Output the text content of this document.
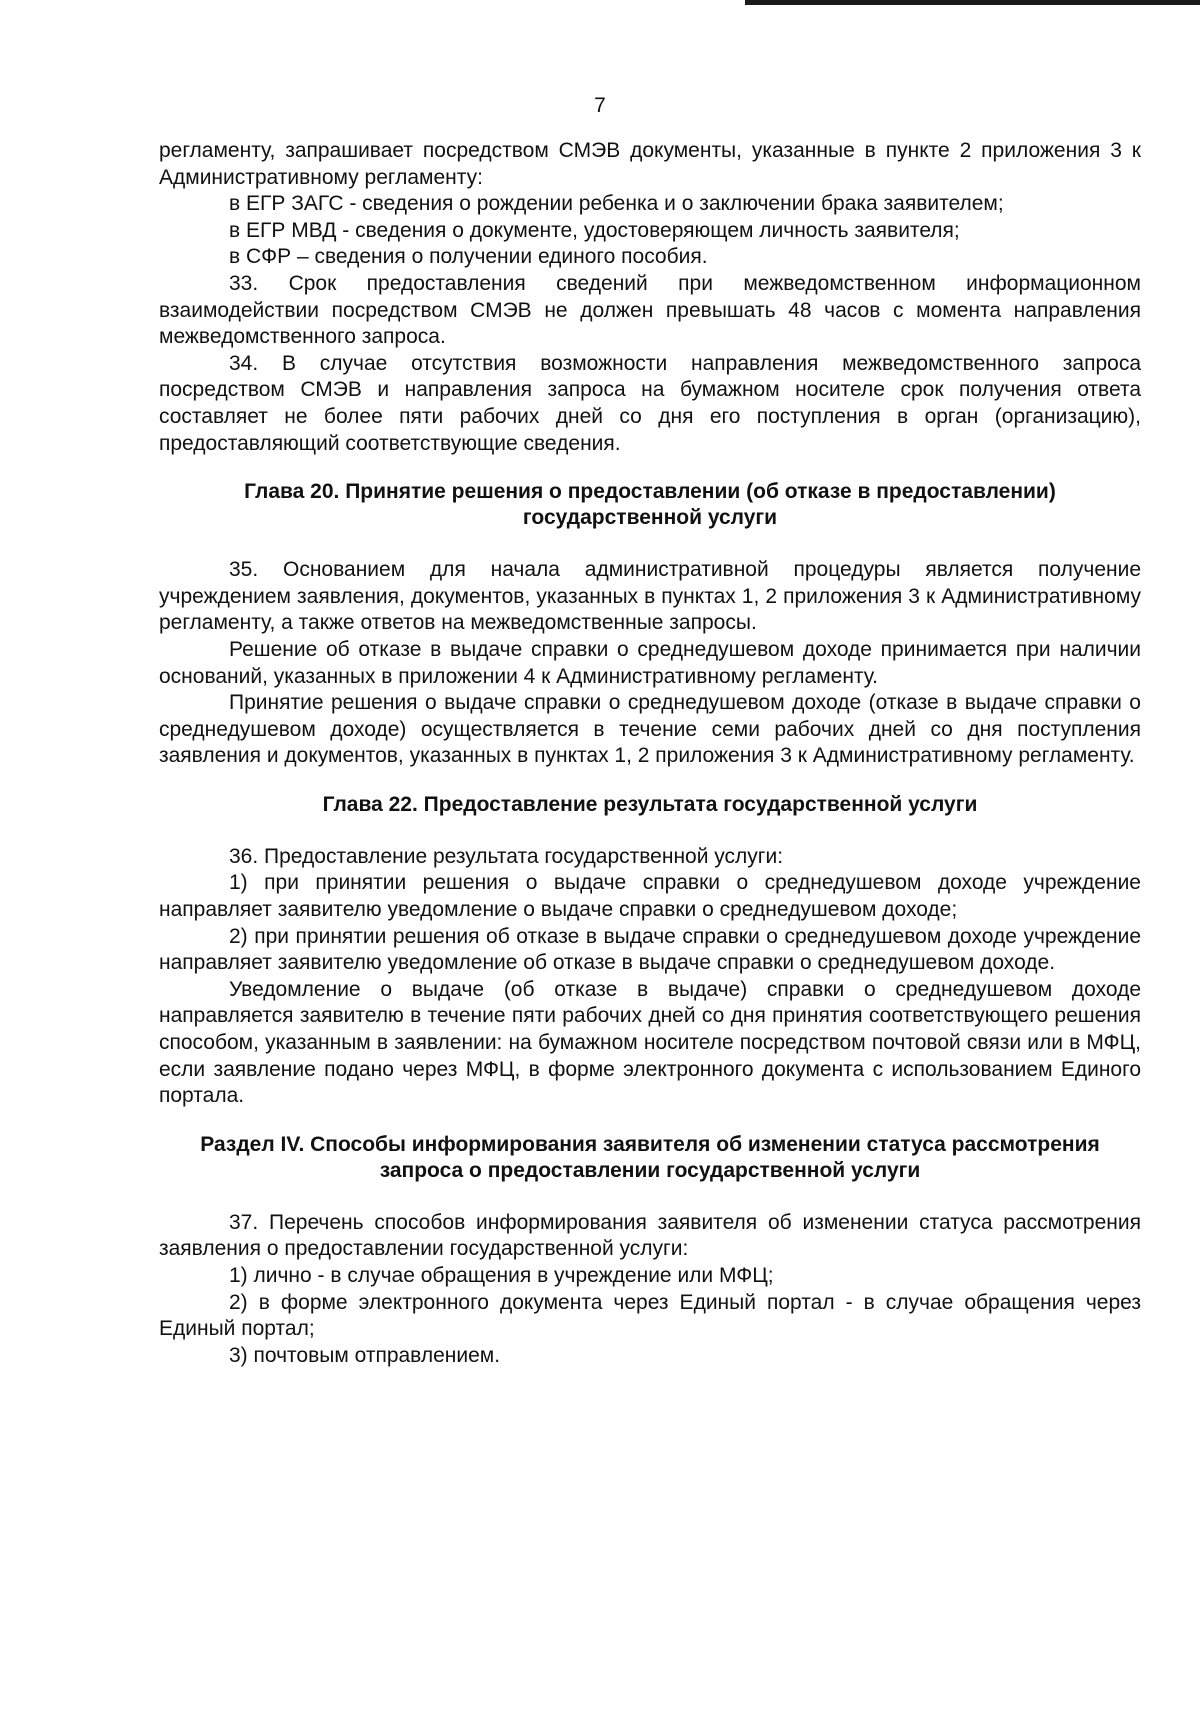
7

регламенту, запрашивает посредством СМЭВ документы, указанные в пункте 2 приложения 3 к Административному регламенту:

в ЕГР ЗАГС - сведения о рождении ребенка и о заключении брака заявителем;

в ЕГР МВД - сведения о документе, удостоверяющем личность заявителя;

в СФР – сведения о получении единого пособия.

33. Срок предоставления сведений при межведомственном информационном взаимодействии посредством СМЭВ не должен превышать 48 часов с момента направления межведомственного запроса.

34. В случае отсутствия возможности направления межведомственного запроса посредством СМЭВ и направления запроса на бумажном носителе срок получения ответа составляет не более пяти рабочих дней со дня его поступления в орган (организацию), предоставляющий соответствующие сведения.

Глава 20. Принятие решения о предоставлении (об отказе в предоставлении) государственной услуги

35. Основанием для начала административной процедуры является получение учреждением заявления, документов, указанных в пунктах 1, 2 приложения 3 к Административному регламенту, а также ответов на межведомственные запросы.

Решение об отказе в выдаче справки о среднедушевом доходе принимается при наличии оснований, указанных в приложении 4 к Административному регламенту.

Принятие решения о выдаче справки о среднедушевом доходе (отказе в выдаче справки о среднедушевом доходе) осуществляется в течение семи рабочих дней со дня поступления заявления и документов, указанных в пунктах 1, 2 приложения 3 к Административному регламенту.

Глава 22. Предоставление результата государственной услуги

36. Предоставление результата государственной услуги:

1) при принятии решения о выдаче справки о среднедушевом доходе учреждение направляет заявителю уведомление о выдаче справки о среднедушевом доходе;

2) при принятии решения об отказе в выдаче справки о среднедушевом доходе учреждение направляет заявителю уведомление об отказе в выдаче справки о среднедушевом доходе.

Уведомление о выдаче (об отказе в выдаче) справки о среднедушевом доходе направляется заявителю в течение пяти рабочих дней со дня принятия соответствующего решения способом, указанным в заявлении: на бумажном носителе посредством почтовой связи или в МФЦ, если заявление подано через МФЦ, в форме электронного документа с использованием Единого портала.

Раздел IV. Способы информирования заявителя об изменении статуса рассмотрения запроса о предоставлении государственной услуги

37. Перечень способов информирования заявителя об изменении статуса рассмотрения заявления о предоставлении государственной услуги:

1) лично - в случае обращения в учреждение или МФЦ;

2) в форме электронного документа через Единый портал - в случае обращения через Единый портал;

3) почтовым отправлением.
